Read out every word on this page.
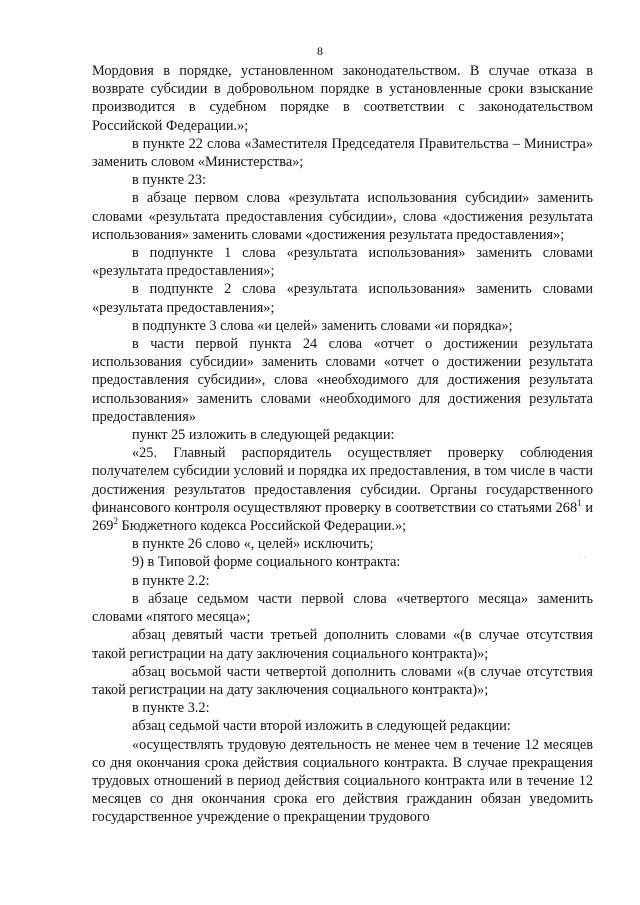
8

Мордовия в порядке, установленном законодательством. В случае отказа в возврате субсидии в добровольном порядке в установленные сроки взыскание производится в судебном порядке в соответствии с законодательством Российской Федерации.»;

в пункте 22 слова «Заместителя Председателя Правительства – Министра» заменить словом «Министерства»;

в пункте 23:

в абзаце первом слова «результата использования субсидии» заменить словами «результата предоставления субсидии», слова «достижения результата использования» заменить словами «достижения результата предоставления»;

в подпункте 1 слова «результата использования» заменить словами «результата предоставления»;

в подпункте 2 слова «результата использования» заменить словами «результата предоставления»;

в подпункте 3 слова «и целей» заменить словами «и порядка»;

в части первой пункта 24 слова «отчет о достижении результата использования субсидии» заменить словами «отчет о достижении результата предоставления субсидии», слова «необходимого для достижения результата использования» заменить словами «необходимого для достижения результата предоставления»

пункт 25 изложить в следующей редакции:

«25. Главный распорядитель осуществляет проверку соблюдения получателем субсидии условий и порядка их предоставления, в том числе в части достижения результатов предоставления субсидии. Органы государственного финансового контроля осуществляют проверку в соответствии со статьями $268^1$ и $269^2$ Бюджетного кодекса Российской Федерации.»;

в пункте 26 слово «, целей» исключить;

9) в Типовой форме социального контракта:

в пункте 2.2:

в абзаце седьмом части первой слова «четвертого месяца» заменить словами «пятого месяца»;

абзац девятый части третьей дополнить словами «(в случае отсутствия такой регистрации на дату заключения социального контракта)»;

абзац восьмой части четвертой дополнить словами «(в случае отсутствия такой регистрации на дату заключения социального контракта)»;

в пункте 3.2:

абзац седьмой части второй изложить в следующей редакции:

«осуществлять трудовую деятельность не менее чем в течение 12 месяцев со дня окончания срока действия социального контракта. В случае прекращения трудовых отношений в период действия социального контракта или в течение 12 месяцев со дня окончания срока его действия гражданин обязан уведомить государственное учреждение о прекращении трудового

· ·
